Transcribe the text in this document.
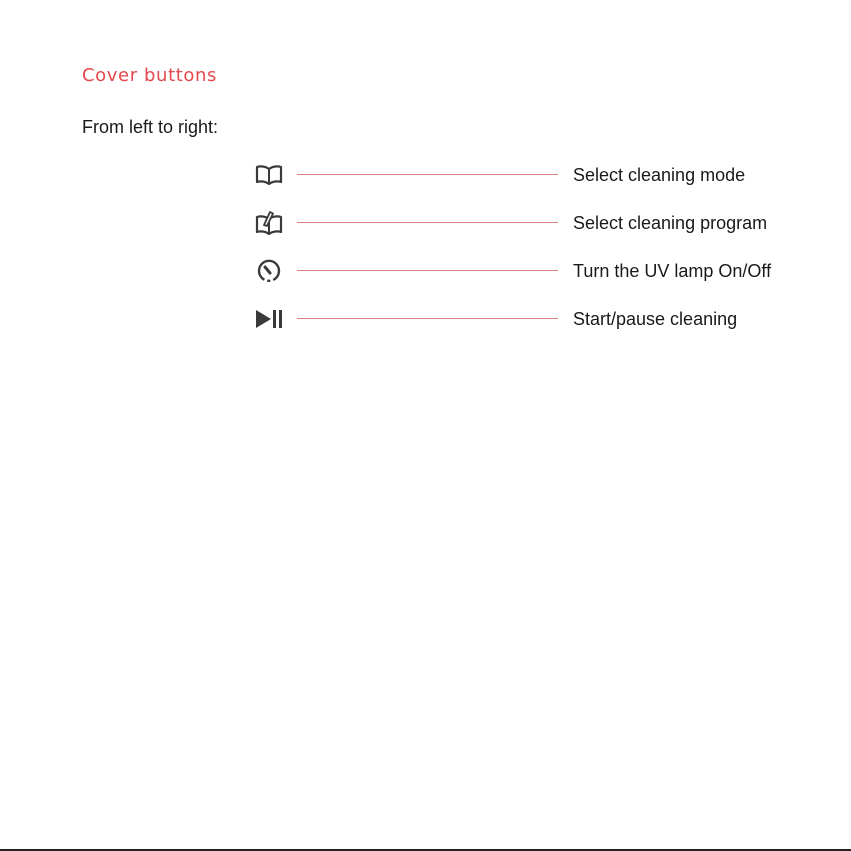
Cover buttons

From left to right:

Select cleaning mode
Select cleaning program
Turn the UV lamp On/Off
Start/pause cleaning
